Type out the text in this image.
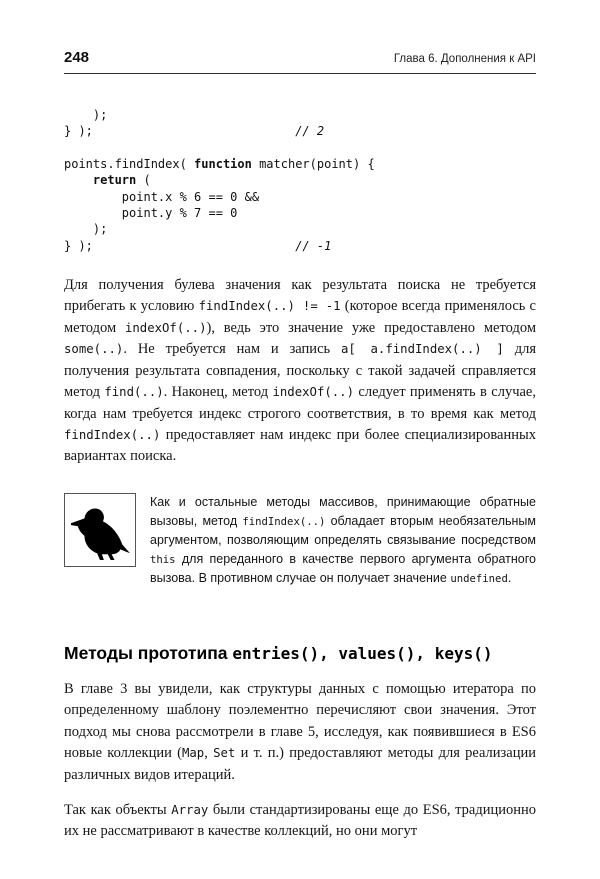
248	Глава 6. Дополнения к API
);
} );                            // 2
points.findIndex( function matcher(point) {
return (
point.x % 6 == 0 &&
point.y % 7 == 0
);
} );                            // -1

Для получения булева значения как результата поиска не требуется прибегать к условию findIndex(..) != -1 (которое всегда применялось с методом indexOf(..)), ведь это значение уже предоставлено методом some(..). Не требуется нам и запись a[ a.findIndex(..) ] для получения результата совпадения, поскольку с такой задачей справляется метод find(..). Наконец, метод indexOf(..) следует применять в случае, когда нам требуется индекс строгого соответствия, в то время как метод findIndex(..) предоставляет нам индекс при более специализированных вариантах поиска.

Как и остальные методы массивов, принимающие обратные вызовы, метод findIndex(..) обладает вторым необязательным аргументом, позволяющим определять связывание посредством this для переданного в качестве первого аргумента обратного вызова. В противном случае он получает значение undefined.

Методы прототипа entries(), values(), keys()

В главе 3 вы увидели, как структуры данных с помощью итератора по определенному шаблону поэлементно перечисляют свои значения. Этот подход мы снова рассмотрели в главе 5, исследуя, как появившиеся в ES6 новые коллекции (Map, Set и т. п.) предоставляют методы для реализации различных видов итераций.

Так как объекты Array были стандартизированы еще до ES6, традиционно их не рассматривают в качестве коллекций, но они могут
